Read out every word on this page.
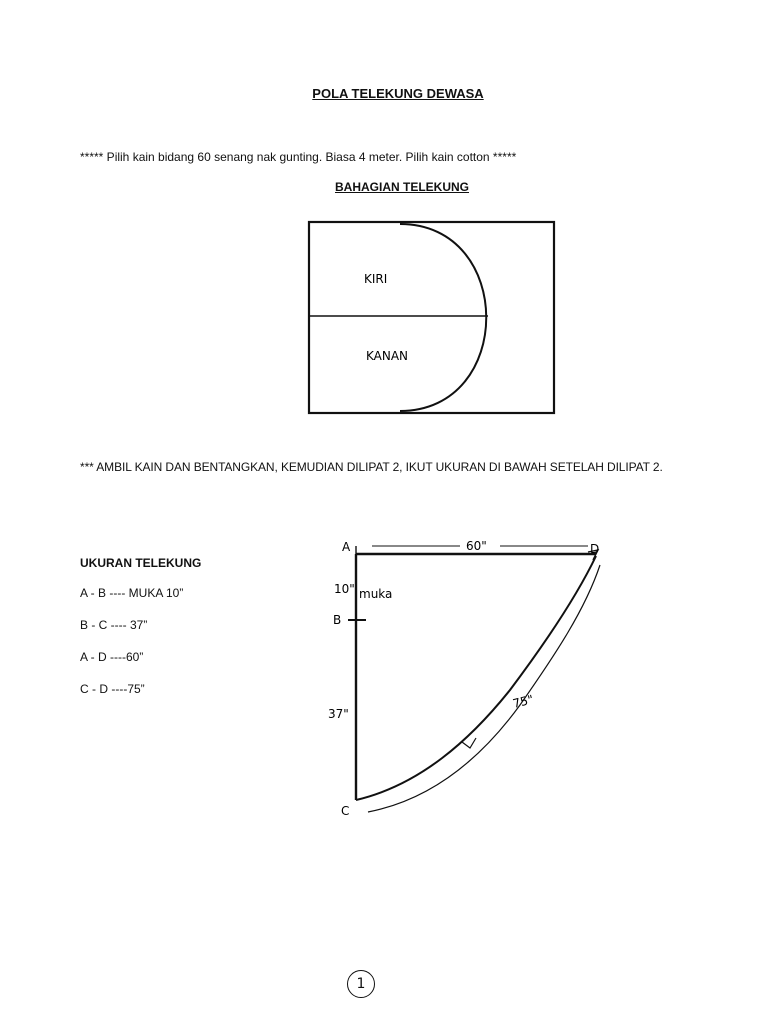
POLA TELEKUNG DEWASA
***** Pilih kain bidang 60 senang nak gunting. Biasa 4 meter. Pilih kain cotton *****
BAHAGIAN TELEKUNG
KIRI
KANAN
A	D
B
C
60"
10" muka
37"
75"
*** AMBIL KAIN DAN BENTANGKAN, KEMUDIAN DILIPAT 2, IKUT UKURAN DI BAWAH SETELAH DILIPAT 2.
UKURAN TELEKUNG
A - B ---- MUKA 10”
B - C ---- 37”
A - D ----60”
C - D ----75”
1
